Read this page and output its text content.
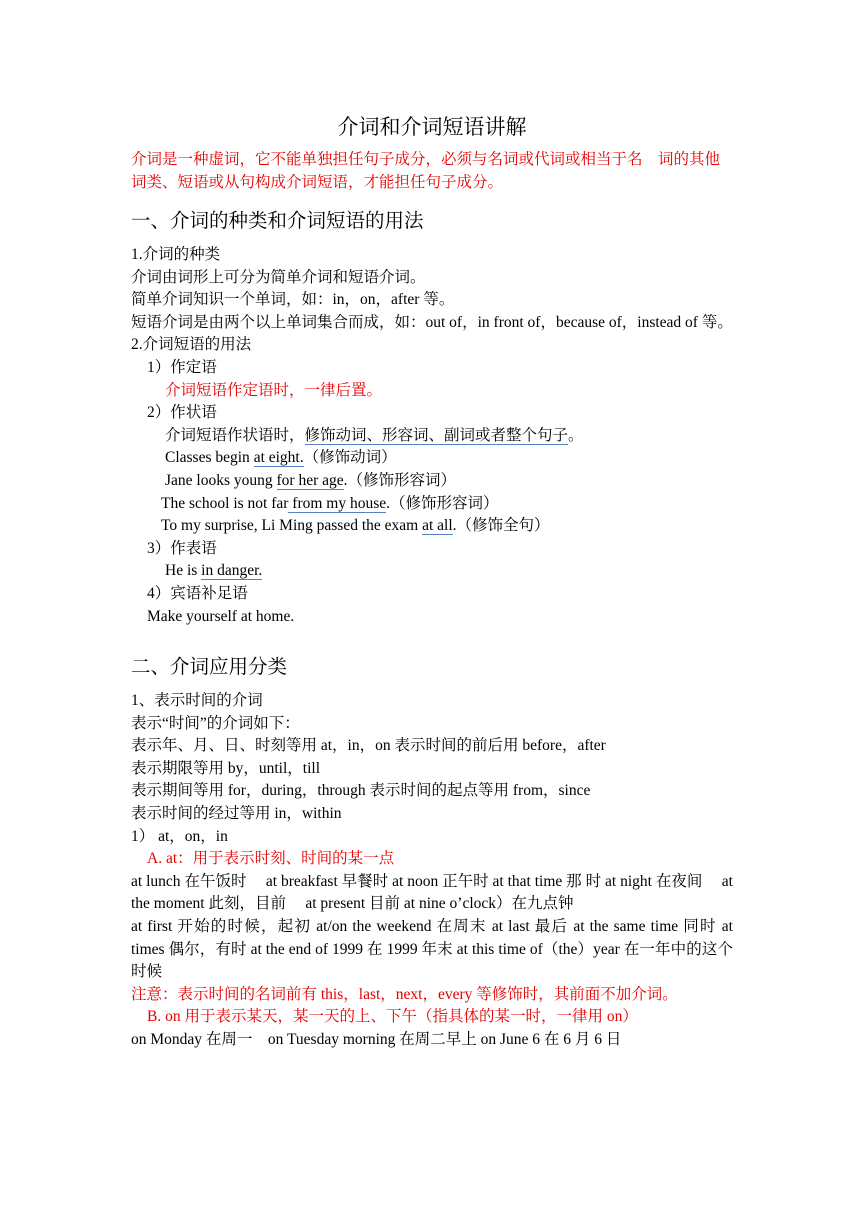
介词和介词短语讲解
介词是一种虚词，它不能单独担任句子成分，必须与名词或代词或相当于名　词的其他词类、短语或从句构成介词短语，才能担任句子成分。
一、介词的种类和介词短语的用法
1.介词的种类
介词由词形上可分为简单介词和短语介词。
简单介词知识一个单词，如：in，on，after 等。
短语介词是由两个以上单词集合而成，如：out of，in front of，because of，instead of 等。
2.介词短语的用法
1）作定语
介词短语作定语时，一律后置。
2）作状语
介词短语作状语时，修饰动词、形容词、副词或者整个句子。
Classes begin at eight.（修饰动词）
Jane looks young for her age.（修饰形容词）
The school is not far from my house.（修饰形容词）
To my surprise, Li Ming passed the exam at all.（修饰全句）
3）作表语
He is in danger.
4）宾语补足语
Make yourself at home.
二、介词应用分类
1、表示时间的介词
表示“时间”的介词如下：
表示年、月、日、时刻等用 at，in，on 表示时间的前后用 before，after
表示期限等用 by，until，till
表示期间等用 for，during，through 表示时间的起点等用 from，since
表示时间的经过等用 in，within
1） at，on，in
A. at：用于表示时刻、时间的某一点
at lunch 在午饭时　 at breakfast 早餐时 at noon 正午时 at that time 那 时 at night 在夜间　 at the moment 此刻，目前　 at present 目前 at nine o’clock）在九点钟
at first 开始的时候，起初 at/on the weekend 在周末 at last 最后 at the same time 同时 at times 偶尔，有时 at the end of 1999 在 1999 年末 at this time of（the）year 在一年中的这个时候
注意：表示时间的名词前有 this，last，next，every 等修饰时，其前面不加介词。
B. on 用于表示某天，某一天的上、下午（指具体的某一时，一律用 on）
on Monday 在周一　on Tuesday morning 在周二早上 on June 6 在 6 月 6 日
